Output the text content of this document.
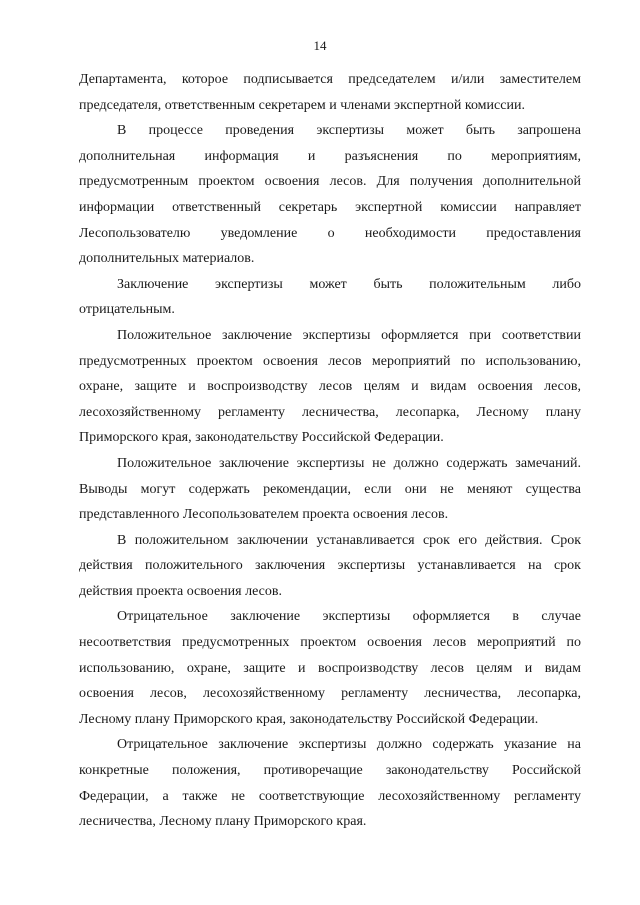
14

Департамента, которое подписывается председателем и/или заместителем
председателя, ответственным секретарем и членами экспертной комиссии.

В процессе проведения экспертизы может быть запрошена
дополнительная информация и разъяснения по мероприятиям,
предусмотренным проектом освоения лесов. Для получения дополнительной
информации ответственный секретарь экспертной комиссии направляет
Лесопользователю уведомление о необходимости предоставления
дополнительных материалов.

Заключение экспертизы может быть положительным либо
отрицательным.

Положительное заключение экспертизы оформляется при соответствии
предусмотренных проектом освоения лесов мероприятий по использованию,
охране, защите и воспроизводству лесов целям и видам освоения лесов,
лесохозяйственному регламенту лесничества, лесопарка, Лесному плану
Приморского края, законодательству Российской Федерации.

Положительное заключение экспертизы не должно содержать замечаний.
Выводы могут содержать рекомендации, если они не меняют существа
представленного Лесопользователем проекта освоения лесов.

В положительном заключении устанавливается срок его действия. Срок
действия положительного заключения экспертизы устанавливается на срок
действия проекта освоения лесов.

Отрицательное заключение экспертизы оформляется в случае
несоответствия предусмотренных проектом освоения лесов мероприятий по
использованию, охране, защите и воспроизводству лесов целям и видам
освоения лесов, лесохозяйственному регламенту лесничества, лесопарка,
Лесному плану Приморского края, законодательству Российской Федерации.

Отрицательное заключение экспертизы должно содержать указание на
конкретные положения, противоречащие законодательству Российской
Федерации, а также не соответствующие лесохозяйственному регламенту
лесничества, Лесному плану Приморского края.
